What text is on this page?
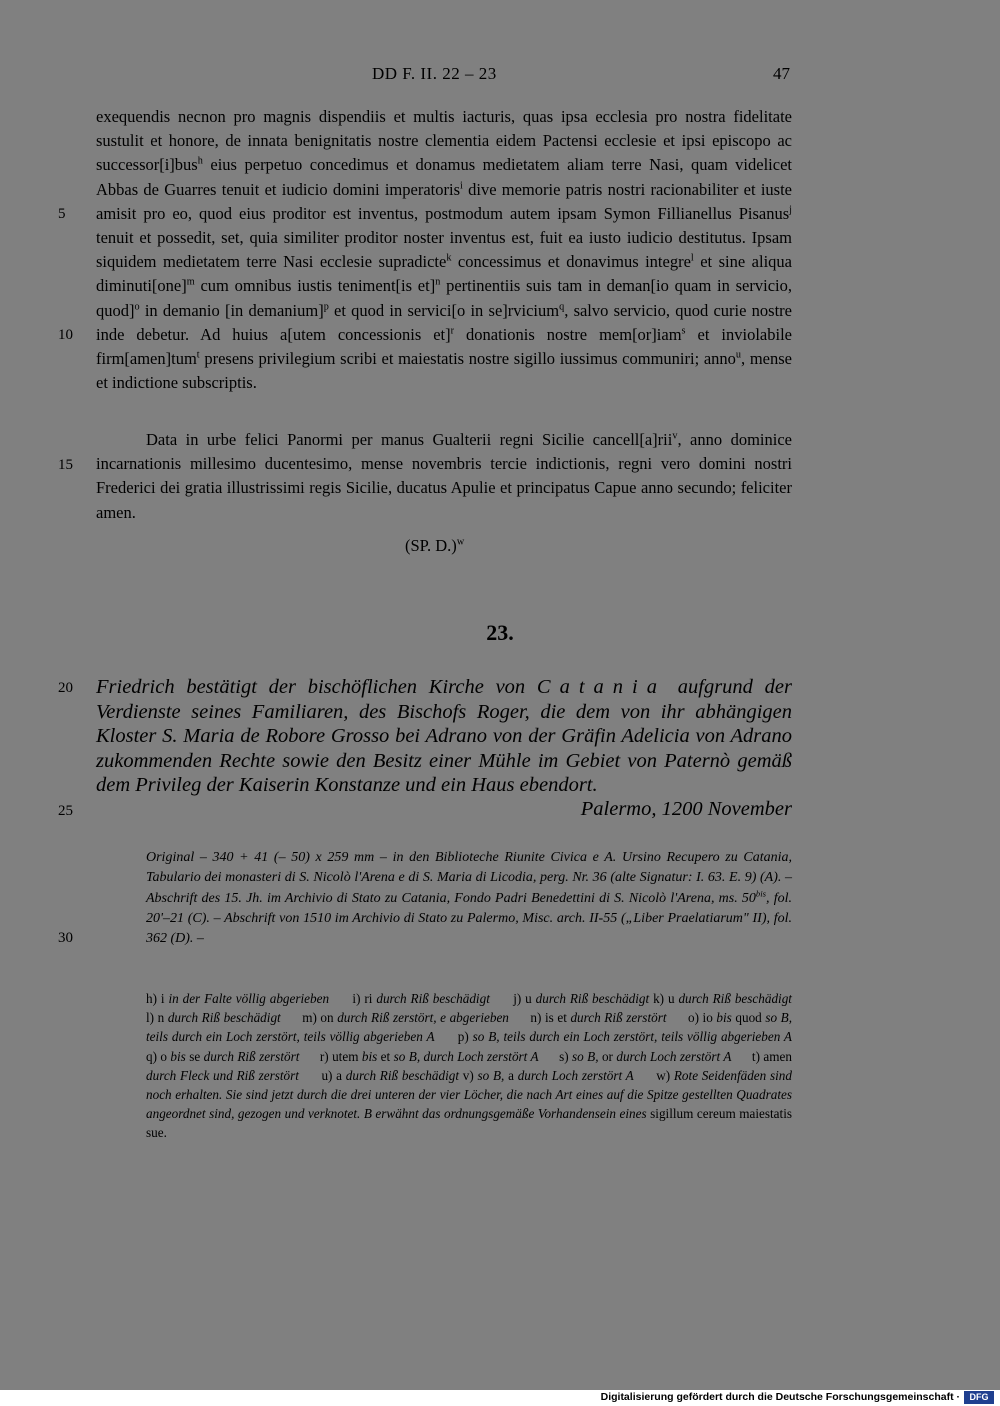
DD F. II. 22 – 23	47
5
10
15
20
25
30

exequendis necnon pro magnis dispendiis et multis iacturis, quas ipsa ecclesia pro nostra fidelitate sustulit et honore, de innata benignitatis nostre clementia eidem Pactensi ecclesie et ipsi episcopo ac successor[i]bus$^h$ eius perpetuo concedimus et donamus medietatem aliam terre Nasi, quam videlicet Abbas de Guarres tenuit et iudicio domini imperatoris$^i$ dive memorie patris nostri racionabiliter et iuste amisit pro eo, quod eius proditor est inventus, postmodum autem ipsam Symon Fillianellus Pisanus$^j$ tenuit et possedit, set, quia similiter proditor noster inventus est, fuit ea iusto iudicio destitutus. Ipsam siquidem medietatem terre Nasi ecclesie supradicte$^k$ concessimus et donavimus integre$^l$ et sine aliqua diminuti[one]$^m$ cum omnibus iustis teniment[is et]$^n$ pertinentiis suis tam in deman[io quam in servicio, quod]$^o$ in demanio [in demanium]$^p$ et quod in servici[o in se]rvicium$^q$, salvo servicio, quod curie nostre inde debetur. Ad huius a[utem concessionis et]$^r$ donationis nostre mem[or]iam$^s$ et inviolabile firm[amen]tum$^t$ presens privilegium scribi et maiestatis nostre sigillo iussimus communiri; anno$^u$, mense et indictione subscriptis.

Data in urbe felici Panormi per manus Gualterii regni Sicilie cancell[a]rii$^v$, anno dominice incarnationis millesimo ducentesimo, mense novembris tercie indictionis, regni vero domini nostri Frederici dei gratia illustrissimi regis Sicilie, ducatus Apulie et principatus Capue anno secundo; feliciter amen.

(SP. D.)$^w$
23.

Friedrich bestätigt der bischöflichen Kirche von Catania aufgrund der Verdienste seines Familiaren, des Bischofs Roger, die dem von ihr abhängigen Kloster S. Maria de Robore Grosso bei Adrano von der Gräfin Adelicia von Adrano zukommenden Rechte sowie den Besitz einer Mühle im Gebiet von Paternò gemäß dem Privileg der Kaiserin Konstanze und ein Haus ebendort.

Palermo, 1200 November

Original – 340 + 41 (– 50) x 259 mm – in den Biblioteche Riunite Civica e A. Ursino Recupero zu Catania, Tabulario dei monasteri di S. Nicolò l'Arena e di S. Maria di Licodia, perg. Nr. 36 (alte Signatur: I. 63. E. 9) (A). – Abschrift des 15. Jh. im Archivio di Stato zu Catania, Fondo Padri Benedettini di S. Nicolò l'Arena, ms. $50^{bis}$, fol. 20'–21 (C). – Abschrift von 1510 im Archivio di Stato zu Palermo, Misc. arch. II-55 („Liber Praelatiarum" II), fol. 362 (D). –

h) i in der Falte völlig abgerieben      i) ri durch Riß beschädigt      j) u durch Riß beschädigt k) u durch Riß beschädigt      l) n durch Riß beschädigt      m) on durch Riß zerstört, e abgerieben      n) is et durch Riß zerstört      o) io bis quod so B, teils durch ein Loch zerstört, teils völlig abgerieben A      p) so B, teils durch ein Loch zerstört, teils völlig abgerieben A      q) o bis se durch Riß zerstört      r) utem bis et so B, durch Loch zerstört A      s) so B, or durch Loch zerstört A      t) amen durch Fleck und Riß zerstört      u) a durch Riß beschädigt v) so B, a durch Loch zerstört A      w) Rote Seidenfäden sind noch erhalten. Sie sind jetzt durch die drei unteren der vier Löcher, die nach Art eines auf die Spitze gestellten Quadrates angeordnet sind, gezogen und verknotet. B erwähnt das ordnungsgemäße Vorhandensein eines sigillum cereum maiestatis sue.

Digitalisierung gefördert durch die Deutsche Forschungsgemeinschaft ·	DFG
